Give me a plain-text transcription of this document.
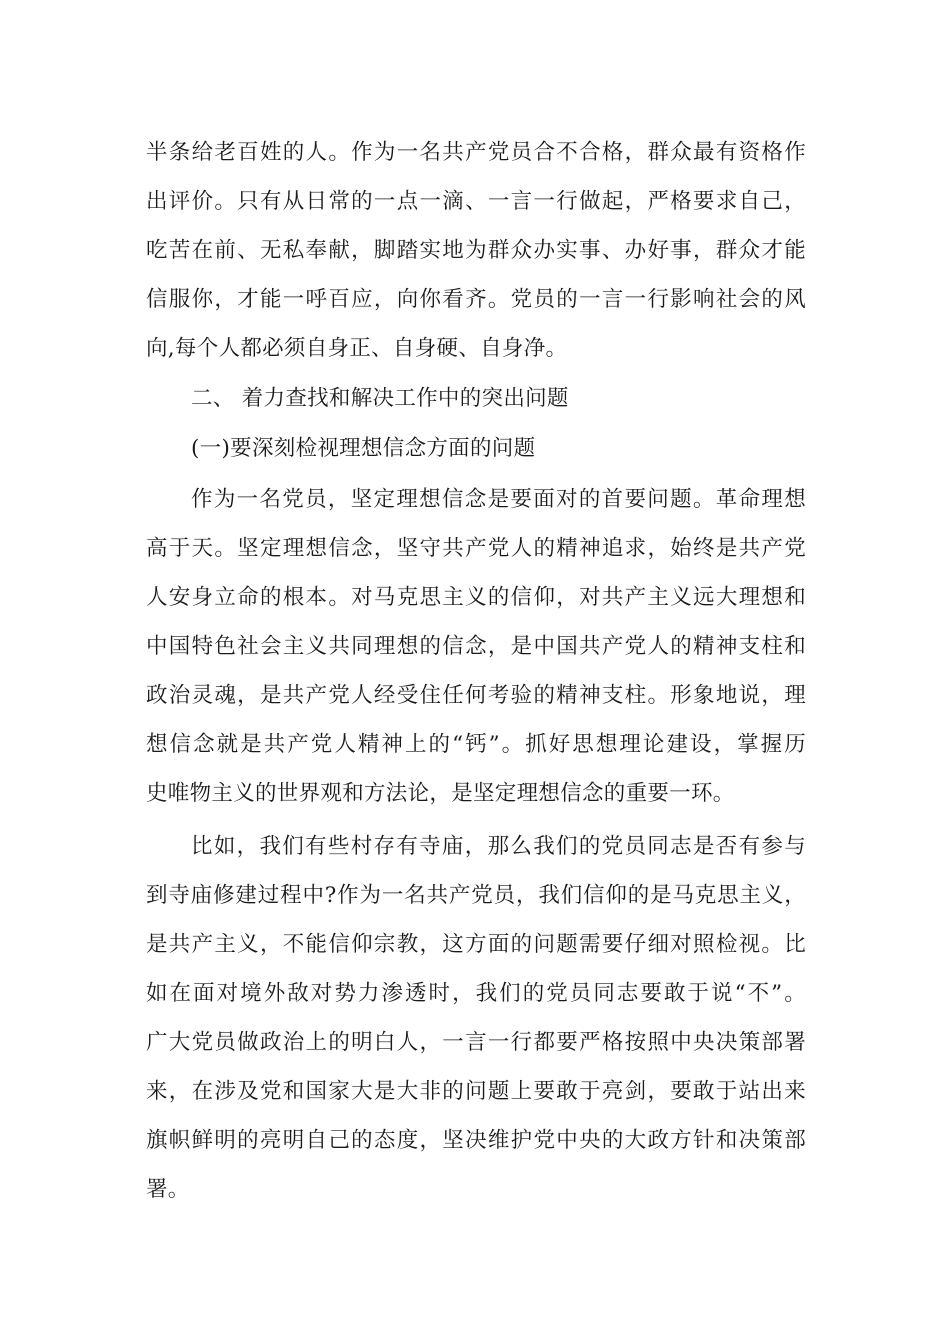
半条给老百姓的人。作为一名共产党员合不合格，群众最有资格作
出评价。只有从日常的一点一滴、一言一行做起，严格要求自己，
吃苦在前、无私奉献，脚踏实地为群众办实事、办好事，群众才能
信服你，才能一呼百应，向你看齐。党员的一言一行影响社会的风
向,每个人都必须自身正、自身硬、自身净。
二、 着力查找和解决工作中的突出问题
(一)要深刻检视理想信念方面的问题
作为一名党员，坚定理想信念是要面对的首要问题。革命理想
高于天。坚定理想信念，坚守共产党人的精神追求，始终是共产党
人安身立命的根本。对马克思主义的信仰，对共产主义远大理想和
中国特色社会主义共同理想的信念，是中国共产党人的精神支柱和
政治灵魂，是共产党人经受住任何考验的精神支柱。形象地说，理
想信念就是共产党人精神上的“钙”。抓好思想理论建设，掌握历
史唯物主义的世界观和方法论，是坚定理想信念的重要一环。
比如，我们有些村存有寺庙，那么我们的党员同志是否有参与
到寺庙修建过程中?作为一名共产党员，我们信仰的是马克思主义，
是共产主义，不能信仰宗教，这方面的问题需要仔细对照检视。比
如在面对境外敌对势力渗透时，我们的党员同志要敢于说“不”。
广大党员做政治上的明白人，一言一行都要严格按照中央决策部署
来，在涉及党和国家大是大非的问题上要敢于亮剑，要敢于站出来
旗帜鲜明的亮明自己的态度，坚决维护党中央的大政方针和决策部
署。
